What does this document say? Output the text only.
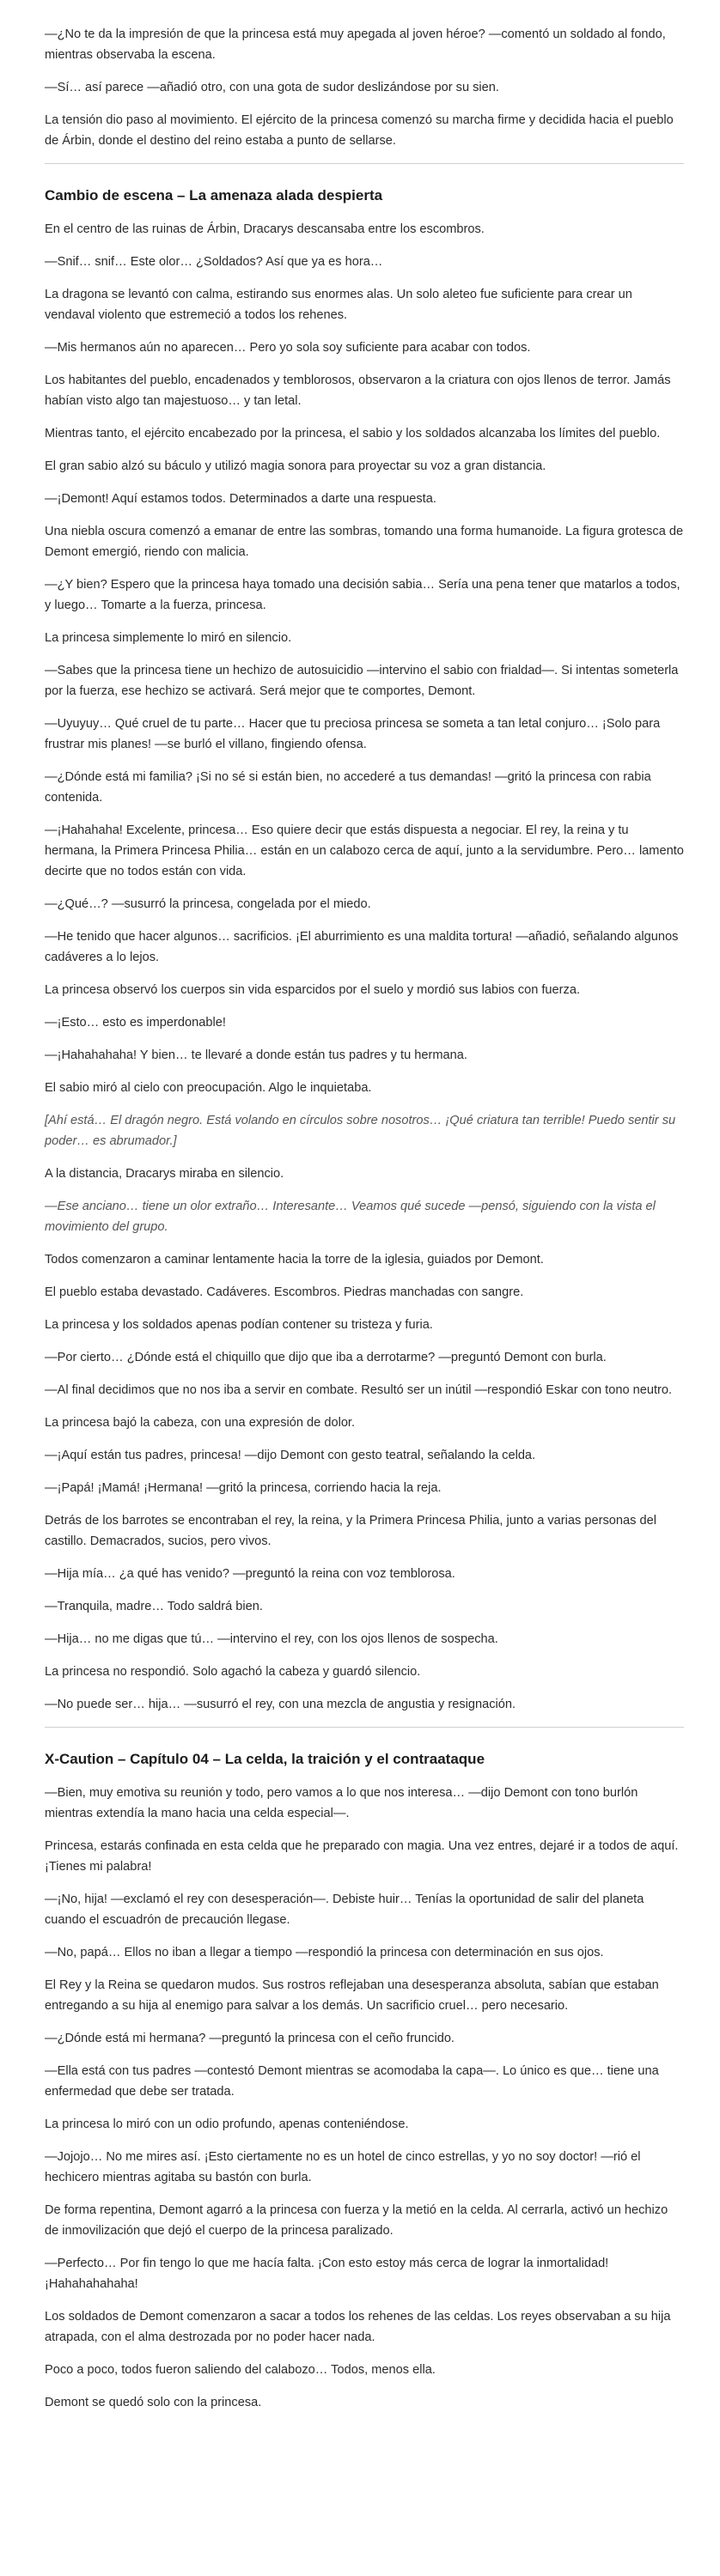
—¿No te da la impresión de que la princesa está muy apegada al joven héroe? —comentó un soldado al fondo, mientras observaba la escena.

—Sí… así parece —añadió otro, con una gota de sudor deslizándose por su sien.

La tensión dio paso al movimiento. El ejército de la princesa comenzó su marcha firme y decidida hacia el pueblo de Árbin, donde el destino del reino estaba a punto de sellarse.

Cambio de escena – La amenaza alada despierta

En el centro de las ruinas de Árbin, Dracarys descansaba entre los escombros.

—Snif… snif… Este olor… ¿Soldados? Así que ya es hora…

La dragona se levantó con calma, estirando sus enormes alas. Un solo aleteo fue suficiente para crear un vendaval violento que estremeció a todos los rehenes.

—Mis hermanos aún no aparecen… Pero yo sola soy suficiente para acabar con todos.

Los habitantes del pueblo, encadenados y temblorosos, observaron a la criatura con ojos llenos de terror. Jamás habían visto algo tan majestuoso… y tan letal.

Mientras tanto, el ejército encabezado por la princesa, el sabio y los soldados alcanzaba los límites del pueblo.

El gran sabio alzó su báculo y utilizó magia sonora para proyectar su voz a gran distancia.

—¡Demont! Aquí estamos todos. Determinados a darte una respuesta.

Una niebla oscura comenzó a emanar de entre las sombras, tomando una forma humanoide. La figura grotesca de Demont emergió, riendo con malicia.

—¿Y bien? Espero que la princesa haya tomado una decisión sabia… Sería una pena tener que matarlos a todos, y luego… Tomarte a la fuerza, princesa.

La princesa simplemente lo miró en silencio.

—Sabes que la princesa tiene un hechizo de autosuicidio —intervino el sabio con frialdad—. Si intentas someterla por la fuerza, ese hechizo se activará. Será mejor que te comportes, Demont.

—Uyuyuy… Qué cruel de tu parte… Hacer que tu preciosa princesa se someta a tan letal conjuro… ¡Solo para frustrar mis planes! —se burló el villano, fingiendo ofensa.

—¿Dónde está mi familia? ¡Si no sé si están bien, no accederé a tus demandas! —gritó la princesa con rabia contenida.

—¡Hahahaha! Excelente, princesa… Eso quiere decir que estás dispuesta a negociar. El rey, la reina y tu hermana, la Primera Princesa Philia… están en un calabozo cerca de aquí, junto a la servidumbre. Pero… lamento decirte que no todos están con vida.

—¿Qué…? —susurró la princesa, congelada por el miedo.

—He tenido que hacer algunos… sacrificios. ¡El aburrimiento es una maldita tortura! —añadió, señalando algunos cadáveres a lo lejos.

La princesa observó los cuerpos sin vida esparcidos por el suelo y mordió sus labios con fuerza.

—¡Esto… esto es imperdonable!

—¡Hahahahaha! Y bien… te llevaré a donde están tus padres y tu hermana.

El sabio miró al cielo con preocupación. Algo le inquietaba.

[Ahí está… El dragón negro. Está volando en círculos sobre nosotros… ¡Qué criatura tan terrible! Puedo sentir su poder… es abrumador.]

A la distancia, Dracarys miraba en silencio.

—Ese anciano… tiene un olor extraño… Interesante… Veamos qué sucede —pensó, siguiendo con la vista el movimiento del grupo.

Todos comenzaron a caminar lentamente hacia la torre de la iglesia, guiados por Demont.

El pueblo estaba devastado. Cadáveres. Escombros. Piedras manchadas con sangre.

La princesa y los soldados apenas podían contener su tristeza y furia.

—Por cierto… ¿Dónde está el chiquillo que dijo que iba a derrotarme? —preguntó Demont con burla.

—Al final decidimos que no nos iba a servir en combate. Resultó ser un inútil —respondió Eskar con tono neutro.

La princesa bajó la cabeza, con una expresión de dolor.

—¡Aquí están tus padres, princesa! —dijo Demont con gesto teatral, señalando la celda.

—¡Papá! ¡Mamá! ¡Hermana! —gritó la princesa, corriendo hacia la reja.

Detrás de los barrotes se encontraban el rey, la reina, y la Primera Princesa Philia, junto a varias personas del castillo. Demacrados, sucios, pero vivos.

—Hija mía… ¿a qué has venido? —preguntó la reina con voz temblorosa.

—Tranquila, madre… Todo saldrá bien.

—Hija… no me digas que tú… —intervino el rey, con los ojos llenos de sospecha.

La princesa no respondió. Solo agachó la cabeza y guardó silencio.

—No puede ser… hija… —susurró el rey, con una mezcla de angustia y resignación.

X-Caution – Capítulo 04 – La celda, la traición y el contraataque

—Bien, muy emotiva su reunión y todo, pero vamos a lo que nos interesa… —dijo Demont con tono burlón mientras extendía la mano hacia una celda especial—.

Princesa, estarás confinada en esta celda que he preparado con magia. Una vez entres, dejaré ir a todos de aquí. ¡Tienes mi palabra!

—¡No, hija! —exclamó el rey con desesperación—. Debiste huir… Tenías la oportunidad de salir del planeta cuando el escuadrón de precaución llegase.

—No, papá… Ellos no iban a llegar a tiempo —respondió la princesa con determinación en sus ojos.

El Rey y la Reina se quedaron mudos. Sus rostros reflejaban una desesperanza absoluta, sabían que estaban entregando a su hija al enemigo para salvar a los demás. Un sacrificio cruel… pero necesario.

—¿Dónde está mi hermana? —preguntó la princesa con el ceño fruncido.

—Ella está con tus padres —contestó Demont mientras se acomodaba la capa—. Lo único es que… tiene una enfermedad que debe ser tratada.

La princesa lo miró con un odio profundo, apenas conteniéndose.

—Jojojo… No me mires así. ¡Esto ciertamente no es un hotel de cinco estrellas, y yo no soy doctor! —rió el hechicero mientras agitaba su bastón con burla.

De forma repentina, Demont agarró a la princesa con fuerza y la metió en la celda. Al cerrarla, activó un hechizo de inmovilización que dejó el cuerpo de la princesa paralizado.

—Perfecto… Por fin tengo lo que me hacía falta. ¡Con esto estoy más cerca de lograr la inmortalidad! ¡Hahahahahaha!

Los soldados de Demont comenzaron a sacar a todos los rehenes de las celdas. Los reyes observaban a su hija atrapada, con el alma destrozada por no poder hacer nada.

Poco a poco, todos fueron saliendo del calabozo… Todos, menos ella.

Demont se quedó solo con la princesa.
